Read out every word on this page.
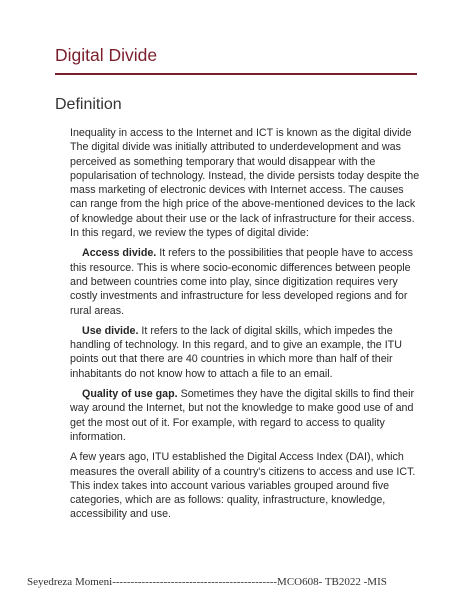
Digital Divide
Definition

Inequality in access to the Internet and ICT is known as the digital divide The digital divide was initially attributed to underdevelopment and was perceived as something temporary that would disappear with the popularisation of technology. Instead, the divide persists today despite the mass marketing of electronic devices with Internet access. The causes can range from the high price of the above-mentioned devices to the lack of knowledge about their use or the lack of infrastructure for their access. In this regard, we review the types of digital divide:

Access divide. It refers to the possibilities that people have to access this resource. This is where socio-economic differences between people and between countries come into play, since digitization requires very costly investments and infrastructure for less developed regions and for rural areas.

Use divide. It refers to the lack of digital skills, which impedes the handling of technology. In this regard, and to give an example, the ITU points out that there are 40 countries in which more than half of their inhabitants do not know how to attach a file to an email.

Quality of use gap. Sometimes they have the digital skills to find their way around the Internet, but not the knowledge to make good use of and get the most out of it. For example, with regard to access to quality information.

A few years ago, ITU established the Digital Access Index (DAI), which measures the overall ability of a country's citizens to access and use ICT. This index takes into account various variables grouped around five categories, which are as follows: quality, infrastructure, knowledge, accessibility and use.

Seyedreza Momeni---------------------------------------------MCO608- TB2022 -MIS
